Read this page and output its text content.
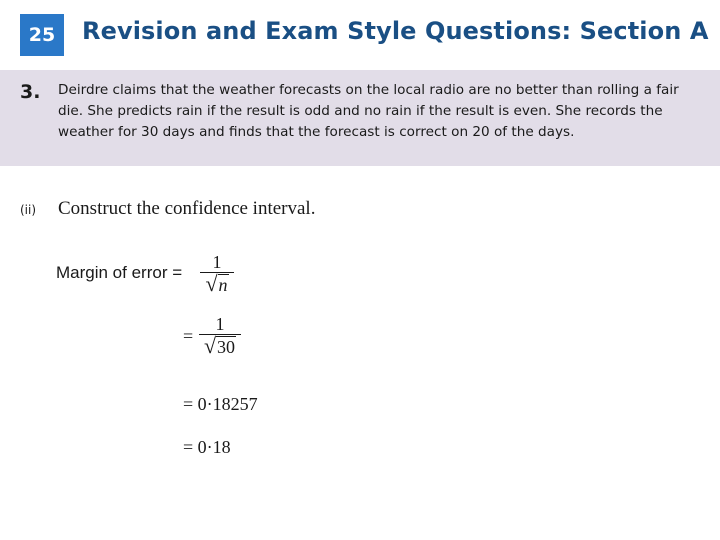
25 Revision and Exam Style Questions: Section A
3. Deirdre claims that the weather forecasts on the local radio are no better than rolling a fair die. She predicts rain if the result is odd and no rain if the result is even. She records the weather for 30 days and finds that the forecast is correct on 20 of the days.
(ii) Construct the confidence interval.
Margin of error =
1
√n
=
1
√30
= 0·18257
= 0·18
